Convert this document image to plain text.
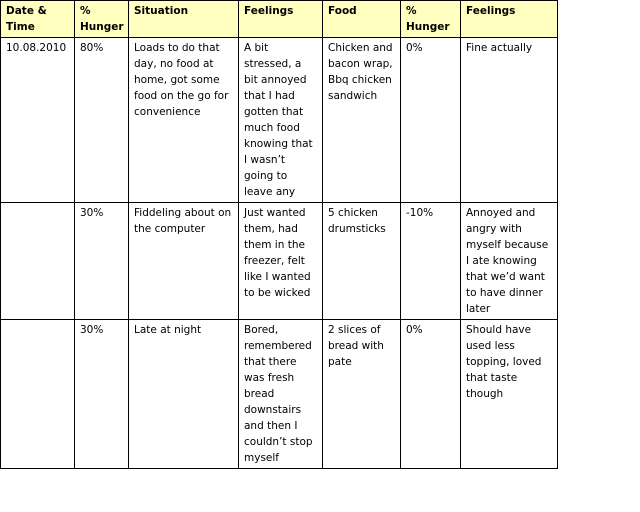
Date & Time	% Hunger	Situation	Feelings	Food	% Hunger	Feelings
10.08.2010	80%	Loads to do that day, no food at home, got some food on the go for convenience	A bit stressed, a bit annoyed that I had gotten that much food knowing that I wasn’t going to leave any	Chicken and bacon wrap, Bbq chicken sandwich	0%	Fine actually
	30%	Fiddeling about on the computer	Just wanted them, had them in the freezer, felt like I wanted to be wicked	5 chicken drumsticks	-10%	Annoyed and angry with myself because I ate knowing that we’d want to have dinner later
	30%	Late at night	Bored, remembered that there was fresh bread downstairs and then I couldn’t stop myself	2 slices of bread with pate	0%	Should have used less topping, loved that taste though
